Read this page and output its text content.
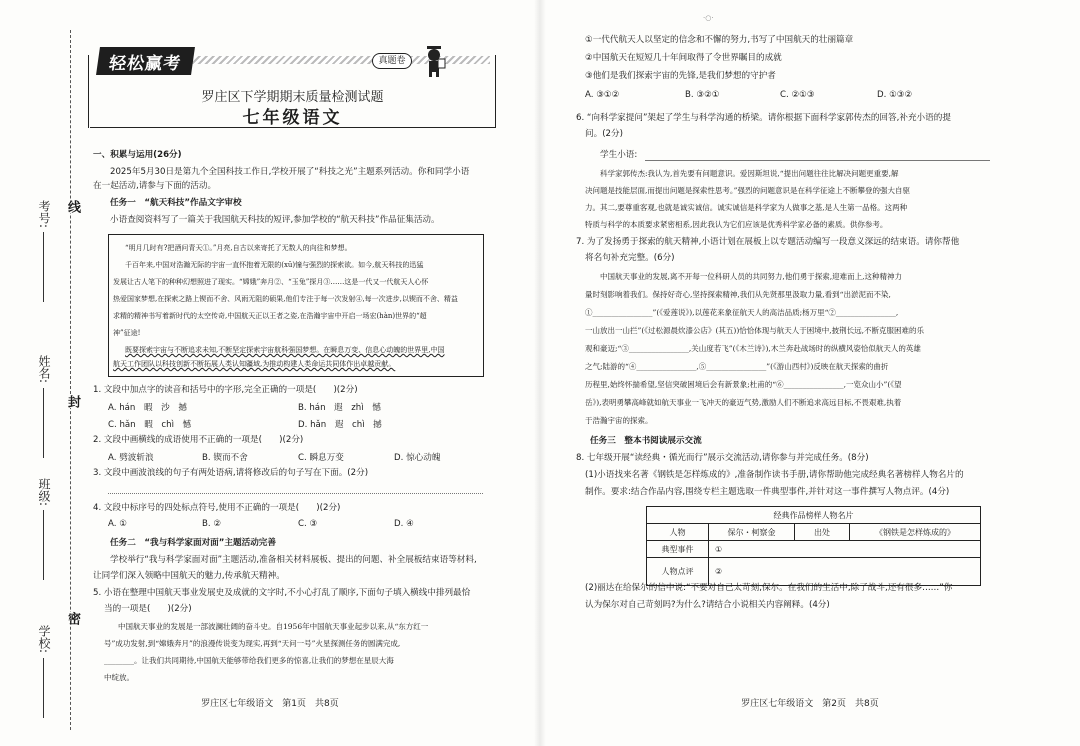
考号:
姓名:
班级:
学校:
线
封
密
轻松赢考	真题卷
罗庄区下学期期末质量检测试题
七年级语文
一、积累与运用(26分)
2025年5月30日是第九个全国科技工作日,学校开展了“科技之光”主题系列活动。你和同学小语
在一起活动,请参与下面的活动。
任务一　“航天科技”作品文字审校
小语查阅资料写了一篇关于我国航天科技的短评,参加学校的“航天科技”作品征集活动。
“明月几时有?把酒问青天①。”月亮,自古以来寄托了无数人的向往和梦想。
千百年来,中国对浩瀚无际的宇宙一直怀抱着无限的(xū)憧与强烈的探索欲。如今,航天科技的迅猛
发展让古人笔下的种种幻想照进了现实。“嫦娥”奔月②、“玉兔”探月③……这是一代又一代航天人心怀
热爱国家梦想,在探索之路上锲而不舍、风雨无阻的硕果,他们专注于每一次发射④,每一次进步,以锲而不舍、精益
求精的精神书写着新时代的太空传奇,中国航天正以王者之姿,在浩瀚宇宙中开启一场宏(hàn)世界的“超
神”征途!
既要探索宇宙与不断追求未知,不断坚定探索宇宙航科强国梦想。在瞬息万变、信息心动魄的世界里,中国
航天工作团队以科技创新不断拓展人类认知疆域,为推动构建人类命运共同体作出卓越贡献。
1. 文段中加点字的读音和括号中的字形,完全正确的一项是(　　)(2分)
A. hán　暇　沙　撼	B. hán　遐　zhì　憾
C. hǎn　暇　chì　憾	D. hǎn　遐　chì　撼
2. 文段中画横线的成语使用不正确的一项是(　　)(2分)
A. 劈波斩浪	B. 锲而不舍	C. 瞬息万变	D. 惊心动魄
3. 文段中画波浪线的句子有两处语病,请将修改后的句子写在下面。(2分)
4. 文段中标序号的四处标点符号,使用不正确的一项是(　　)(2分)
A. ①	B. ②	C. ③	D. ④
任务二　“我与科学家面对面”主题活动完善
学校举行“我与科学家面对面”主题活动,准备相关材料展板、提出的问题、补全展板结束语等材料,
让同学们深入领略中国航天的魅力,传承航天精神。
5. 小语在整理中国航天事业发展史及成就的文字时,不小心打乱了顺序,下面句子填入横线中排列最恰
当的一项是(　　)(2分)
中国航天事业的发展是一部波澜壮阔的奋斗史。自1956年中国航天事业起步以来,从“东方红一
号”成功发射,到“嫦娥奔月”的浪漫传说变为现实,再到“天问一号”火星探测任务的圆满完成,
________。让我们共同期待,中国航天能够带给我们更多的惊喜,让我们的梦想在星辰大海
中绽放。
罗庄区七年级语文　第1页　共8页
·○·
①一代代航天人以坚定的信念和不懈的努力,书写了中国航天的壮丽篇章
②中国航天在短短几十年间取得了令世界瞩目的成就
③他们是我们探索宇宙的先锋,是我们梦想的守护者
A. ③①②	B. ③②①	C. ②①③	D. ①③②
6. “向科学家提问”架起了学生与科学沟通的桥梁。请你根据下面科学家郭传杰的回答,补充小语的提
问。(2分)
学生小语:
科学家郭传杰:我认为,首先要有问题意识。爱因斯坦说,“提出问题往往比解决问题更重要,解
决问题是技能层面,而提出问题是探索性思考。”强烈的问题意识是在科学征途上不断攀登的强大自驱
力。其二,要尊重客观,也就是诚实诚信。诚实诚信是科学家为人做事之基,是人生第一品格。这两种
特质与科学的本质要求紧密相系,因此我认为它们应该是优秀科学家必备的素质。供你参考。
7. 为了发扬勇于探索的航天精神,小语计划在展板上以专题活动编写一段意义深远的结束语。请你帮他
将名句补充完整。(6分)
中国航天事业的发展,离不开每一位科研人员的共同努力,他们勇于探索,迎难而上,这种精神力
量时刻影响着我们。保持好奇心,坚持探索精神,我们从先贤那里汲取力量,看到“出淤泥而不染,
①________________”(《爱莲说》),以莲花来象征航天人的高洁品质;杨万里“②________________,
一山放出一山拦”(《过松源晨炊漆公店》(其五))恰恰体现与航天人于困境中,披荆长远,不断克服困难的乐
观和豪迈;“③________________,关山度若飞”(《木兰诗》),木兰奔赴战场时的纵横风姿恰似航天人的英雄
之气;陆游的“④________________,⑤________________”(《游山西村》)反映在航天探索的曲折
历程里,始终怀揣希望,坚信突破困境后会有新景象;杜甫的“⑥________________,一览众山小”(《望
岳》),表明勇攀高峰就如航天事业一飞冲天的豪迈气势,激励人们不断追求高远目标,不畏艰难,执着
于浩瀚宇宙的探索。
任务三　整本书阅读展示交流
8. 七年级开展“读经典・循光而行”展示交流活动,请你参与并完成任务。(8分)
(1)小语找来名著《钢铁是怎样炼成的》,准备制作读书手册,请你帮助他完成经典名著榜样人物名片的
制作。要求:结合作品内容,围绕专栏主题选取一件典型事件,并针对这一事件撰写人物点评。(4分)
经典作品榜样人物名片			
人物	保尔・柯察金	出处	《钢铁是怎样炼成的》
典型事件	①		
人物点评	②		
(2)丽达在给保尔的信中说:“不要对自己太苛刻,保尔。在我们的生活中,除了战斗,还有很多……”你
认为保尔对自己苛刻吗?为什么?请结合小说相关内容阐释。(4分)
罗庄区七年级语文　第2页　共8页
